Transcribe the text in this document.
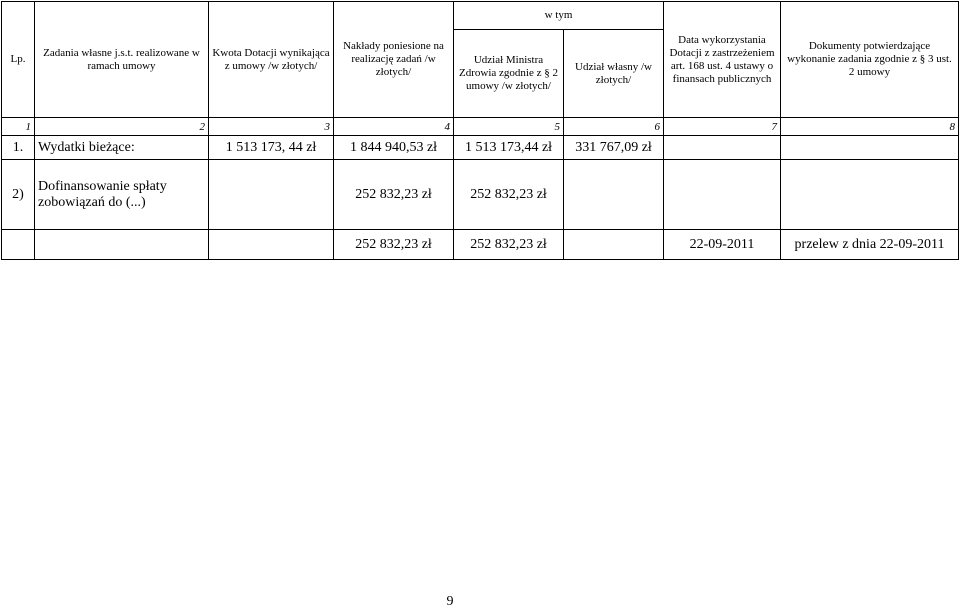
Lp.	Zadania własne j.s.t. realizowane w ramach umowy	Kwota Dotacji wynikająca z umowy /w złotych/	Nakłady poniesione na realizację zadań /w złotych/	w tym		Data wykorzystania Dotacji z zastrzeżeniem art. 168 ust. 4 ustawy o finansach publicznych	Dokumenty potwierdzające wykonanie zadania zgodnie z § 3 ust. 2 umowy
				Udział Ministra Zdrowia zgodnie z § 2 umowy /w złotych/	Udział własny /w złotych/		
1	2	3	4	5	6	7	8
1.	Wydatki bieżące:	1 513 173, 44 zł	1 844 940,53 zł	1 513 173,44 zł	331 767,09 zł		
2)	Dofinansowanie spłaty zobowiązań do (...)		252 832,23 zł	252 832,23 zł			
			252 832,23 zł	252 832,23 zł		22-09-2011	przelew z dnia 22-09-2011
9
